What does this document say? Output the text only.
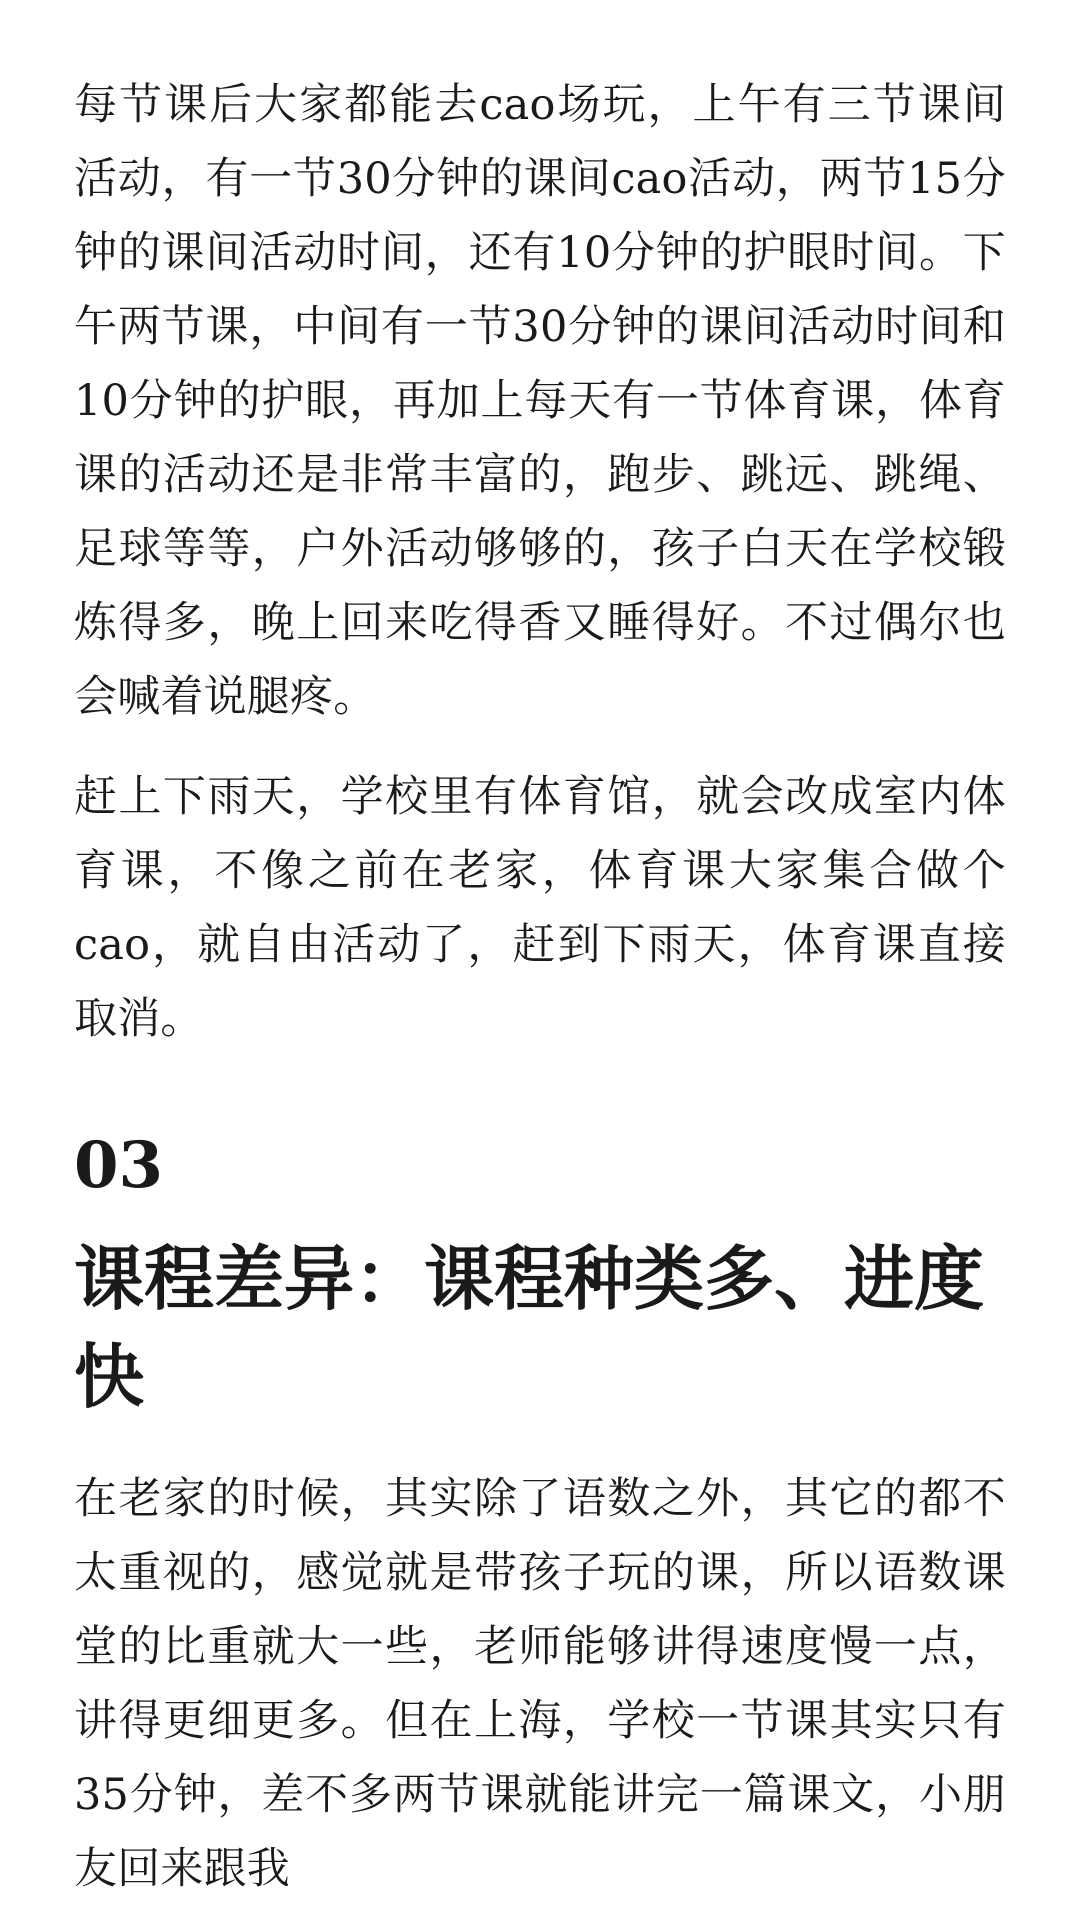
每节课后大家都能去cao场玩，上午有三节课间活动，有一节30分钟的课间cao活动，两节15分钟的课间活动时间，还有10分钟的护眼时间。下午两节课，中间有一节30分钟的课间活动时间和10分钟的护眼，再加上每天有一节体育课，体育课的活动还是非常丰富的，跑步、跳远、跳绳、足球等等，户外活动够够的，孩子白天在学校锻炼得多，晚上回来吃得香又睡得好。不过偶尔也会喊着说腿疼。

赶上下雨天，学校里有体育馆，就会改成室内体育课，不像之前在老家，体育课大家集合做个cao，就自由活动了，赶到下雨天，体育课直接取消。

03
课程差异：课程种类多、进度快

在老家的时候，其实除了语数之外，其它的都不太重视的，感觉就是带孩子玩的课，所以语数课堂的比重就大一些，老师能够讲得速度慢一点，讲得更细更多。但在上海，学校一节课其实只有35分钟，差不多两节课就能讲完一篇课文，小朋友回来跟我
